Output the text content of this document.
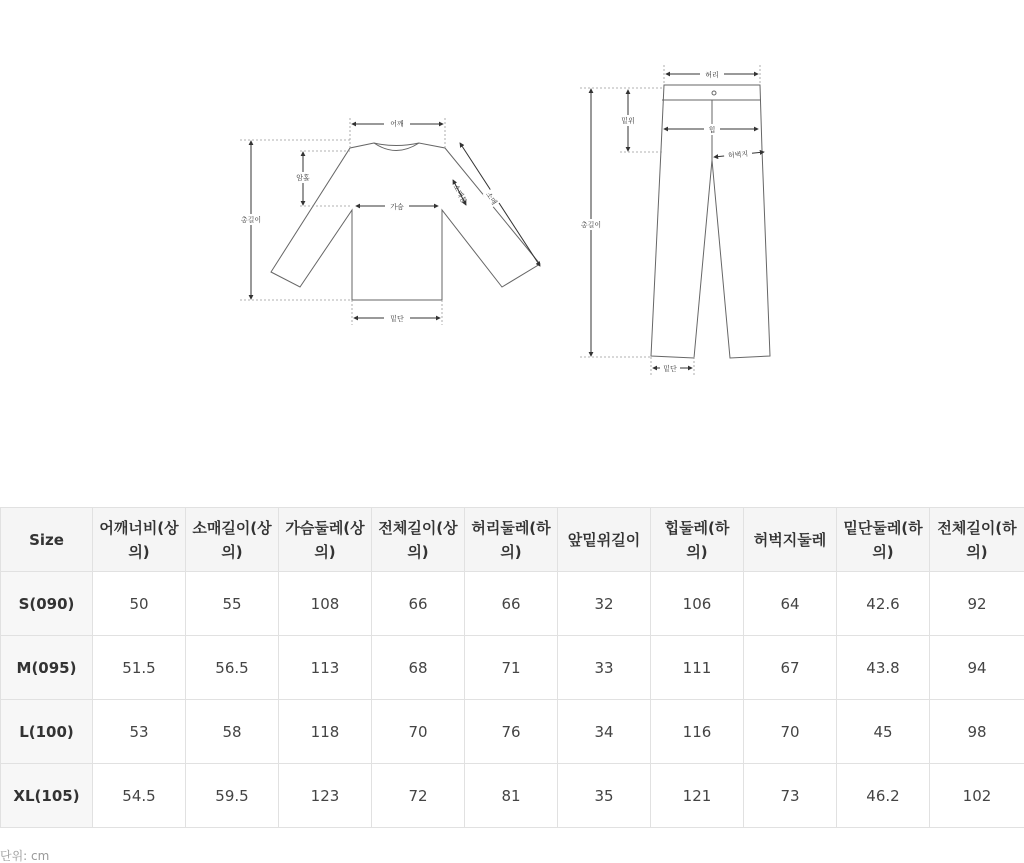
어깨
총길이
암홀
가슴
소매통 소매
밑단
허리
총길이
밑위
힙
허벅지
밑단
Size	어깨너비(상의)	소매길이(상의)	가슴둘레(상의)	전체길이(상의)	허리둘레(하의)	앞밑위길이	힙둘레(하의)	허벅지둘레	밑단둘레(하의)	전체길이(하의)
S(090)	50	55	108	66	66	32	106	64	42.6	92
M(095)	51.5	56.5	113	68	71	33	111	67	43.8	94
L(100)	53	58	118	70	76	34	116	70	45	98
XL(105)	54.5	59.5	123	72	81	35	121	73	46.2	102
단위: cm
